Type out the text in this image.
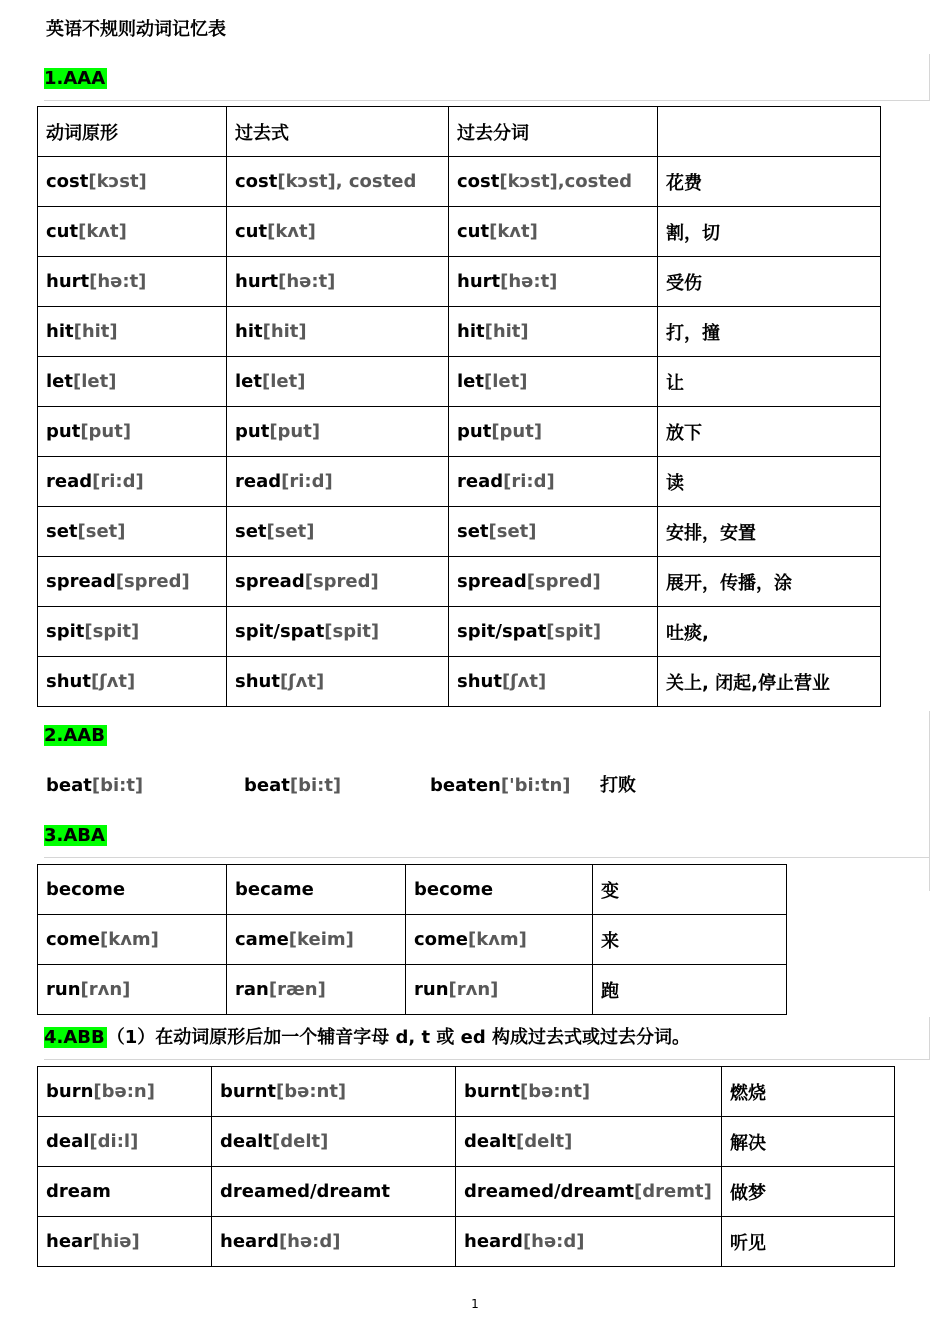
英语不规则动词记忆表
1.AAA
动词原形	过去式	过去分词	
cost[kɔst]	cost[kɔst], costed	cost[kɔst],costed	花费
cut[kʌt]	cut[kʌt]	cut[kʌt]	割，切
hurt[hə:t]	hurt[hə:t]	hurt[hə:t]	受伤
hit[hit]	hit[hit]	hit[hit]	打，撞
let[let]	let[let]	let[let]	让
put[put]	put[put]	put[put]	放下
read[ri:d]	read[ri:d]	read[ri:d]	读
set[set]	set[set]	set[set]	安排，安置
spread[spred]	spread[spred]	spread[spred]	展开，传播，涂
spit[spit]	spit/spat[spit]	spit/spat[spit]	吐痰,
shut[ʃʌt]	shut[ʃʌt]	shut[ʃʌt]	关上, 闭起,停止营业
2.AAB
beat[bi:t]	beat[bi:t]	beaten['bi:tn] 打败
3.ABA
become	became	become	变
come[kʌm]	came[keim]	come[kʌm]	来
run[rʌn]	ran[ræn]	run[rʌn]	跑
4.ABB （1）在动词原形后加一个辅音字母 d, t 或 ed 构成过去式或过去分词。
burn[bə:n]	burnt[bə:nt]	burnt[bə:nt]	燃烧
deal[di:l]	dealt[delt]	dealt[delt]	解决
dream	dreamed/dreamt	dreamed/dreamt[dremt]	做梦
hear[hiə]	heard[hə:d]	heard[hə:d]	听见
1
